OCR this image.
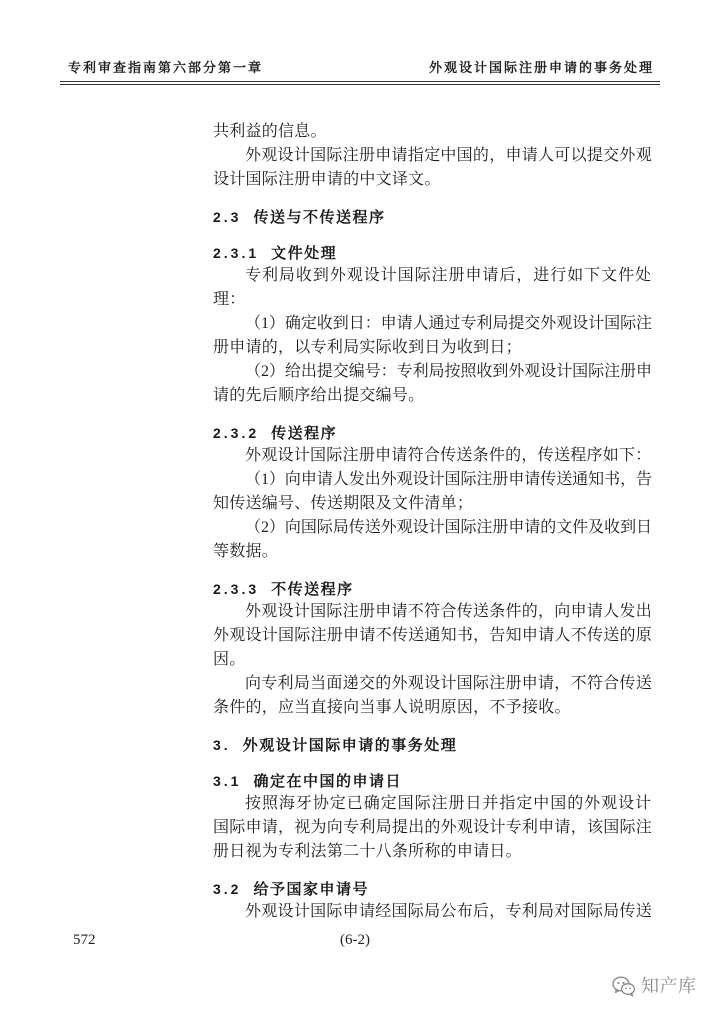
专利审查指南第六部分第一章	外观设计国际注册申请的事务处理
共利益的信息。
外观设计国际注册申请指定中国的，申请人可以提交外观
设计国际注册申请的中文译文。
2.3 传送与不传送程序
2.3.1 文件处理
专利局收到外观设计国际注册申请后，进行如下文件处
理：
（1）确定收到日：申请人通过专利局提交外观设计国际注
册申请的，以专利局实际收到日为收到日；
（2）给出提交编号：专利局按照收到外观设计国际注册申
请的先后顺序给出提交编号。
2.3.2 传送程序
外观设计国际注册申请符合传送条件的，传送程序如下：
（1）向申请人发出外观设计国际注册申请传送通知书，告
知传送编号、传送期限及文件清单；
（2）向国际局传送外观设计国际注册申请的文件及收到日
等数据。
2.3.3 不传送程序
外观设计国际注册申请不符合传送条件的，向申请人发出
外观设计国际注册申请不传送通知书，告知申请人不传送的原
因。
向专利局当面递交的外观设计国际注册申请，不符合传送
条件的，应当直接向当事人说明原因，不予接收。
3. 外观设计国际申请的事务处理
3.1 确定在中国的申请日
按照海牙协定已确定国际注册日并指定中国的外观设计
国际申请，视为向专利局提出的外观设计专利申请，该国际注
册日视为专利法第二十八条所称的申请日。
3.2 给予国家申请号
外观设计国际申请经国际局公布后，专利局对国际局传送
572	(6-2)
知产库
